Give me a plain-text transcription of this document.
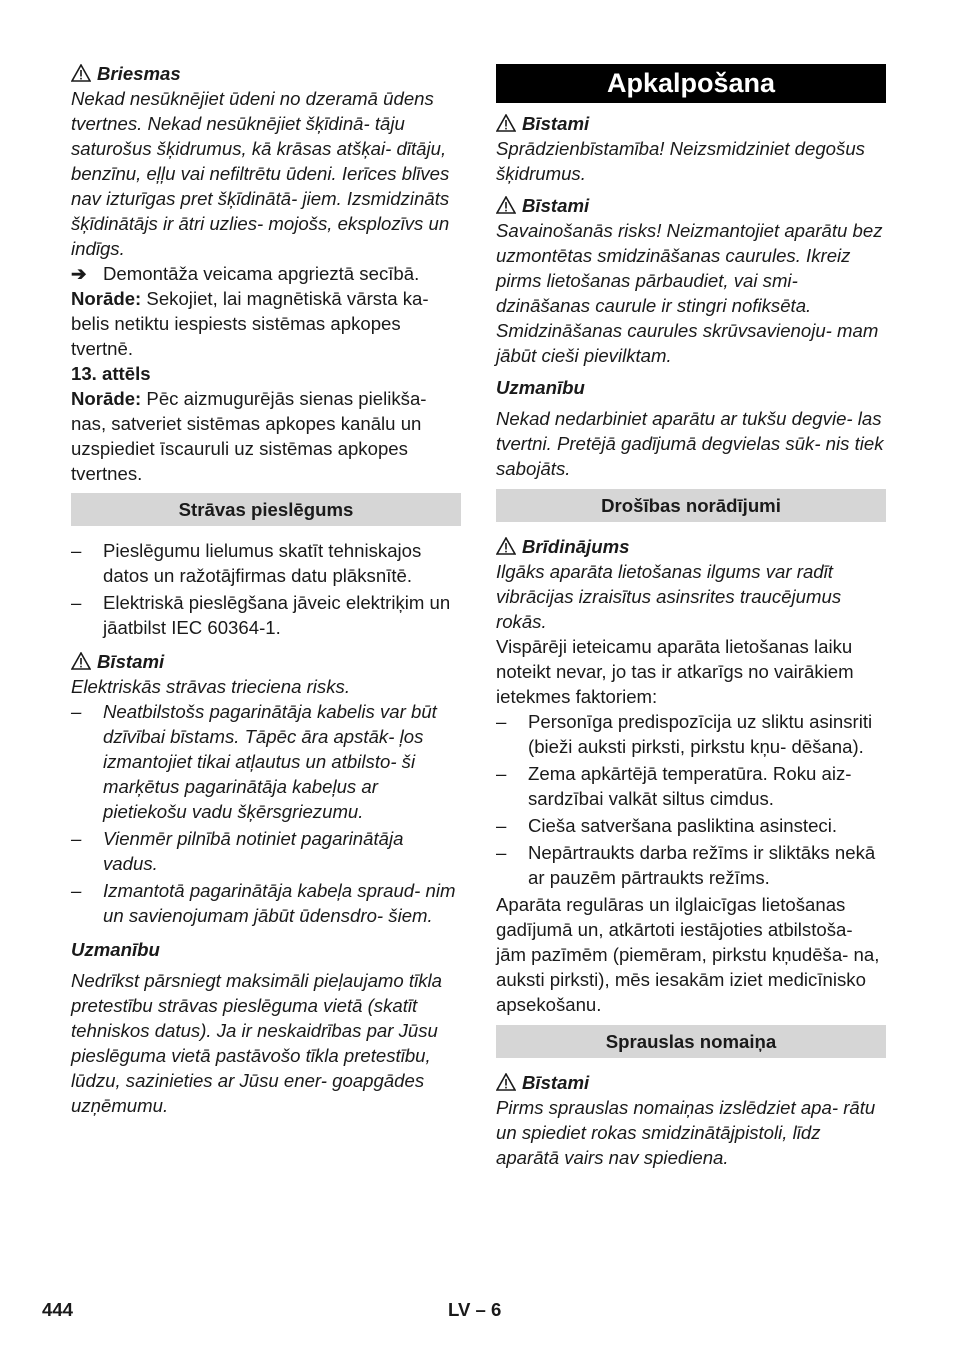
Briesmas

Nekad nesūknējiet ūdeni no dzeramā ūdens tvertnes. Nekad nesūknējiet šķīdinā- tāju saturošus šķidrumus, kā krāsas atšķai- dītāju, benzīnu, eļļu vai nefiltrētu ūdeni. Ierīces blīves nav izturīgas pret šķīdinātā- jiem. Izsmidzināts šķīdinātājs ir ātri uzlies- mojošs, eksplozīvs un indīgs.

➔ Demontāža veicama apgrieztā secībā.

Norāde: Sekojiet, lai magnētiskā vārsta ka- belis netiktu iespiests sistēmas apkopes tvertnē.

13. attēls

Norāde: Pēc aizmugurējās sienas pielikša- nas, satveriet sistēmas apkopes kanālu un uzspiediet īscauruli uz sistēmas apkopes tvertnes.

Strāvas pieslēgums
– Pieslēgumu lielumus skatīt tehniskajos datos un ražotājfirmas datu plāksnītē.
– Elektriskā pieslēgšana jāveic elektriķim un jāatbilst IEC 60364-1.

Bīstami

Elektriskās strāvas trieciena risks.

– Neatbilstošs pagarinātāja kabelis var būt dzīvībai bīstams. Tāpēc āra apstāk- ļos izmantojiet tikai atļautus un atbilsto- ši marķētus pagarinātāja kabeļus ar pietiekošu vadu šķērsgriezumu.
– Vienmēr pilnībā notiniet pagarinātāja vadus.
– Izmantotā pagarinātāja kabeļa spraud- nim un savienojumam jābūt ūdensdro- šiem.

Uzmanību

Nedrīkst pārsniegt maksimāli pieļaujamo tīkla pretestību strāvas pieslēguma vietā (skatīt tehniskos datus). Ja ir neskaidrības par Jūsu pieslēguma vietā pastāvošo tīkla pretestību, lūdzu, sazinieties ar Jūsu ener- goapgādes uzņēmumu.

Apkalpošana

Bīstami

Sprādzienbīstamība! Neizsmidziniet degošus šķidrumus.

Bīstami

Savainošanās risks! Neizmantojiet aparātu bez uzmontētas smidzināšanas caurules. Ikreiz pirms lietošanas pārbaudiet, vai smi- dzināšanas caurule ir stingri nofiksēta. Smidzināšanas caurules skrūvsavienoju- mam jābūt cieši pievilktam.

Uzmanību

Nekad nedarbiniet aparātu ar tukšu degvie- las tvertni. Pretējā gadījumā degvielas sūk- nis tiek sabojāts.

Drošības norādījumi

Brīdinājums

Ilgāks aparāta lietošanas ilgums var radīt vibrācijas izraisītus asinsrites traucējumus rokās.

Vispārēji ieteicamu aparāta lietošanas laiku noteikt nevar, jo tas ir atkarīgs no vairākiem ietekmes faktoriem:

– Personīga predispozīcija uz sliktu asinsriti (bieži auksti pirksti, pirkstu kņu- dēšana).
– Zema apkārtējā temperatūra. Roku aiz- sardzībai valkāt siltus cimdus.
– Cieša satveršana pasliktina asinsteci.
– Nepārtraukts darba režīms ir sliktāks nekā ar pauzēm pārtraukts režīms.

Aparāta regulāras un ilglaicīgas lietošanas gadījumā un, atkārtoti iestājoties atbilstoša- jām pazīmēm (piemēram, pirkstu kņudēša- na, auksti pirksti), mēs iesakām iziet medicīnisko apsekošanu.

Sprauslas nomaiņa

Bīstami

Pirms sprauslas nomaiņas izslēdziet apa- rātu un spiediet rokas smidzinātājpistoli, līdz aparātā vairs nav spiediena.

444	LV – 6
